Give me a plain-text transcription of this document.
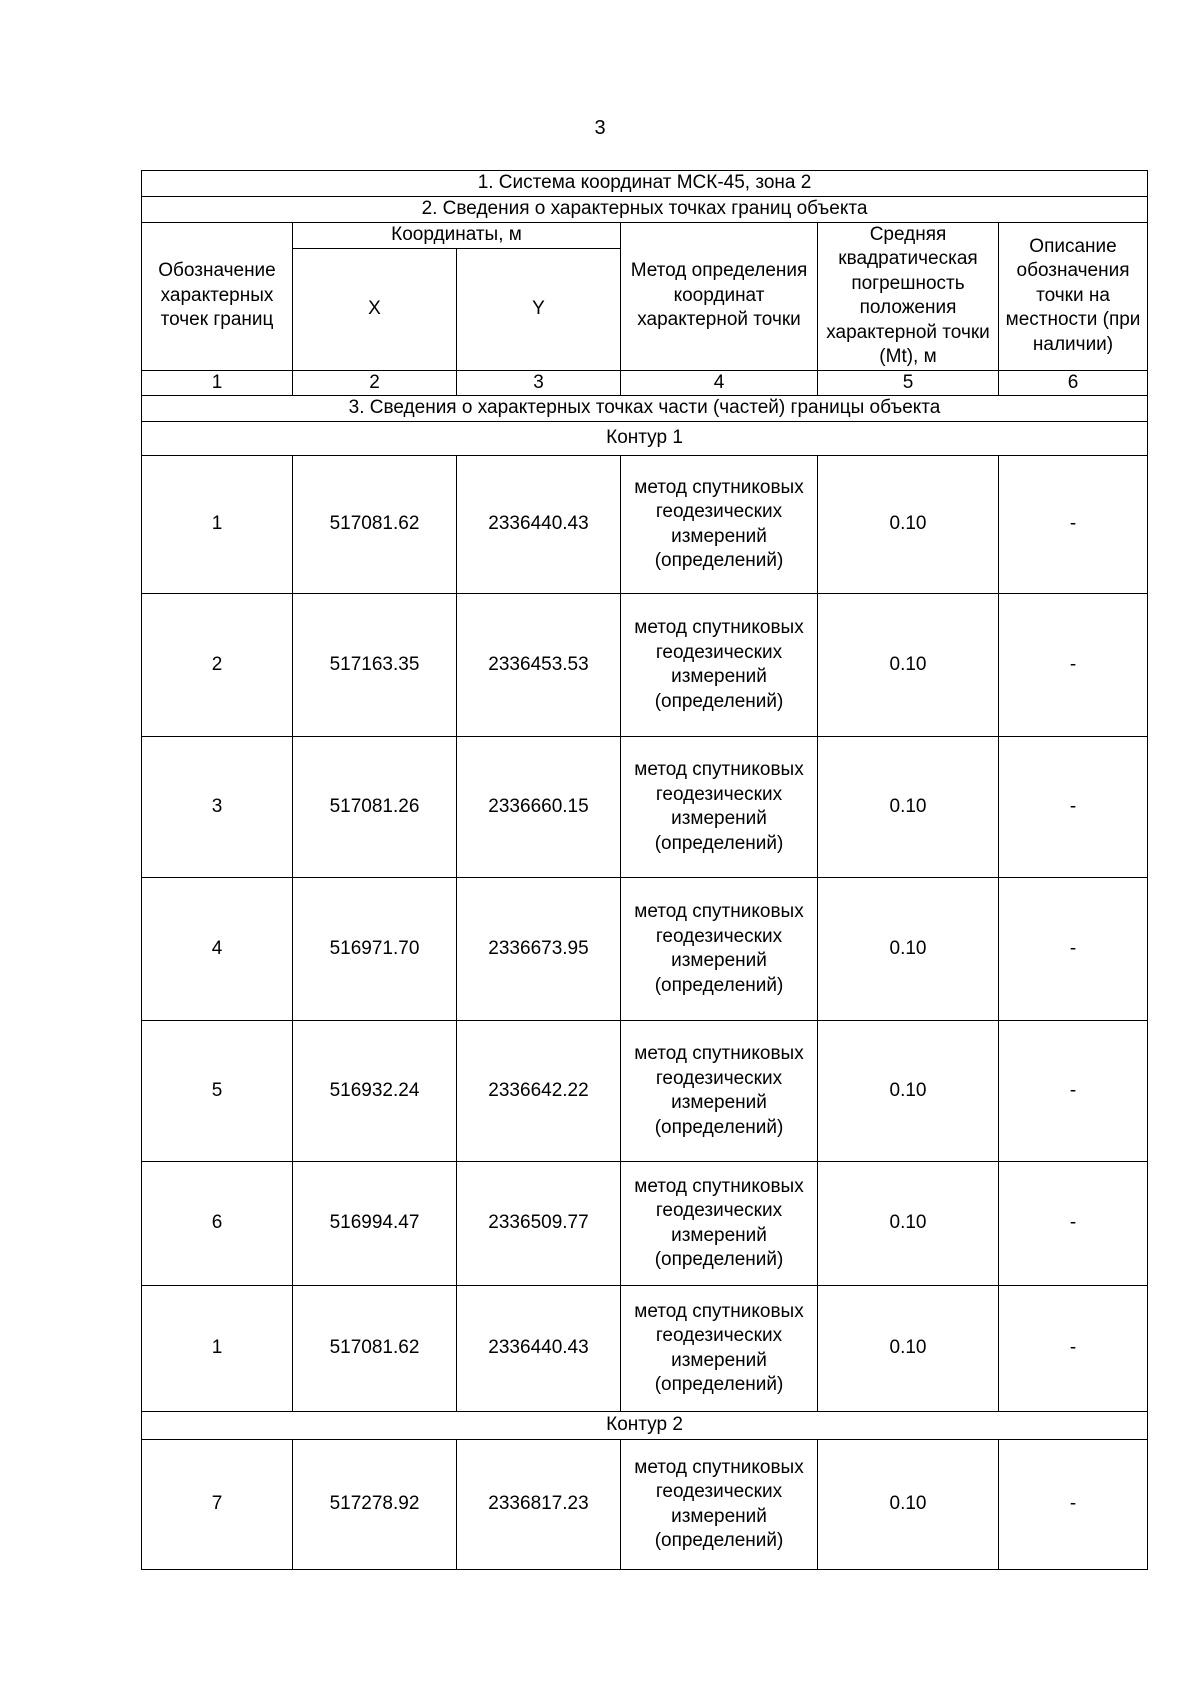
3
1. Система координат МСК-45, зона 2					
2. Сведения о характерных точках границ объекта					
Обозначение характерных точек границ	Координаты, м		Метод определения координат характерной точки	Средняя квадратическая погрешность положения характерной точки (Mt), м	Описание обозначения точки на местности (при наличии)
	X	Y			
1	2	3	4	5	6
3. Сведения о характерных точках части (частей) границы объекта					
Контур 1					
1	517081.62	2336440.43	метод спутниковых геодезических измерений (определений)	0.10	-
2	517163.35	2336453.53	метод спутниковых геодезических измерений (определений)	0.10	-
3	517081.26	2336660.15	метод спутниковых геодезических измерений (определений)	0.10	-
4	516971.70	2336673.95	метод спутниковых геодезических измерений (определений)	0.10	-
5	516932.24	2336642.22	метод спутниковых геодезических измерений (определений)	0.10	-
6	516994.47	2336509.77	метод спутниковых геодезических измерений (определений)	0.10	-
1	517081.62	2336440.43	метод спутниковых геодезических измерений (определений)	0.10	-
Контур 2					
7	517278.92	2336817.23	метод спутниковых геодезических измерений (определений)	0.10	-
